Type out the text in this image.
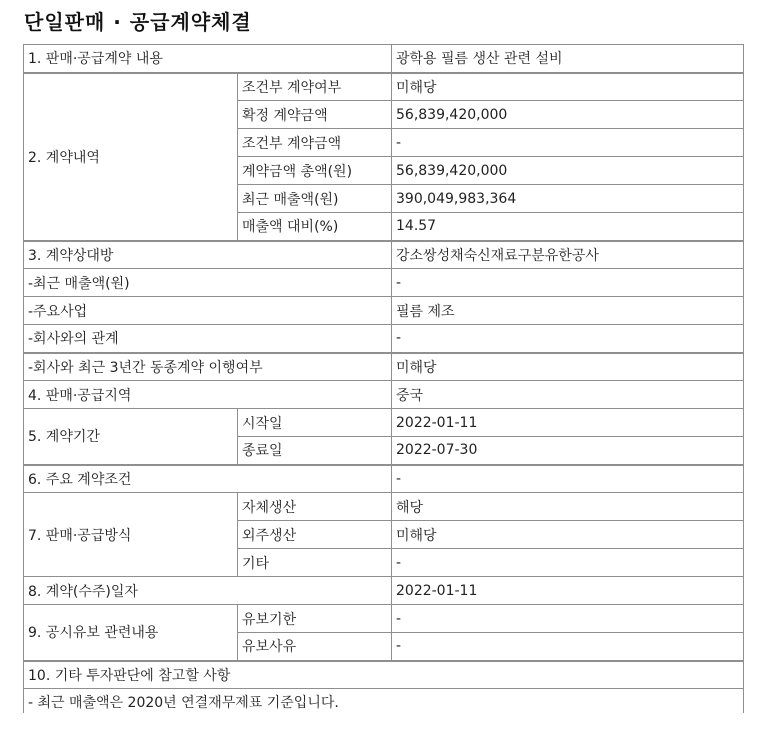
단일판매 · 공급계약체결
1. 판매·공급계약 내용		광학용 필름 생산 관련 설비
2. 계약내역	조건부 계약여부	미해당
	확정 계약금액	56,839,420,000
	조건부 계약금액	-
	계약금액 총액(원)	56,839,420,000
	최근 매출액(원)	390,049,983,364
	매출액 대비(%)	14.57
3. 계약상대방		강소쌍성채숙신재료구분유한공사
-최근 매출액(원)		-
-주요사업		필름 제조
-회사와의 관계		-
-회사와 최근 3년간 동종계약 이행여부		미해당
4. 판매·공급지역		중국
5. 계약기간	시작일	2022-01-11
	종료일	2022-07-30
6. 주요 계약조건		-
7. 판매·공급방식	자체생산	해당
	외주생산	미해당
	기타	-
8. 계약(수주)일자		2022-01-11
9. 공시유보 관련내용	유보기한	-
	유보사유	-
10. 기타 투자판단에 참고할 사항		
- 최근 매출액은 2020년 연결재무제표 기준입니다.		
